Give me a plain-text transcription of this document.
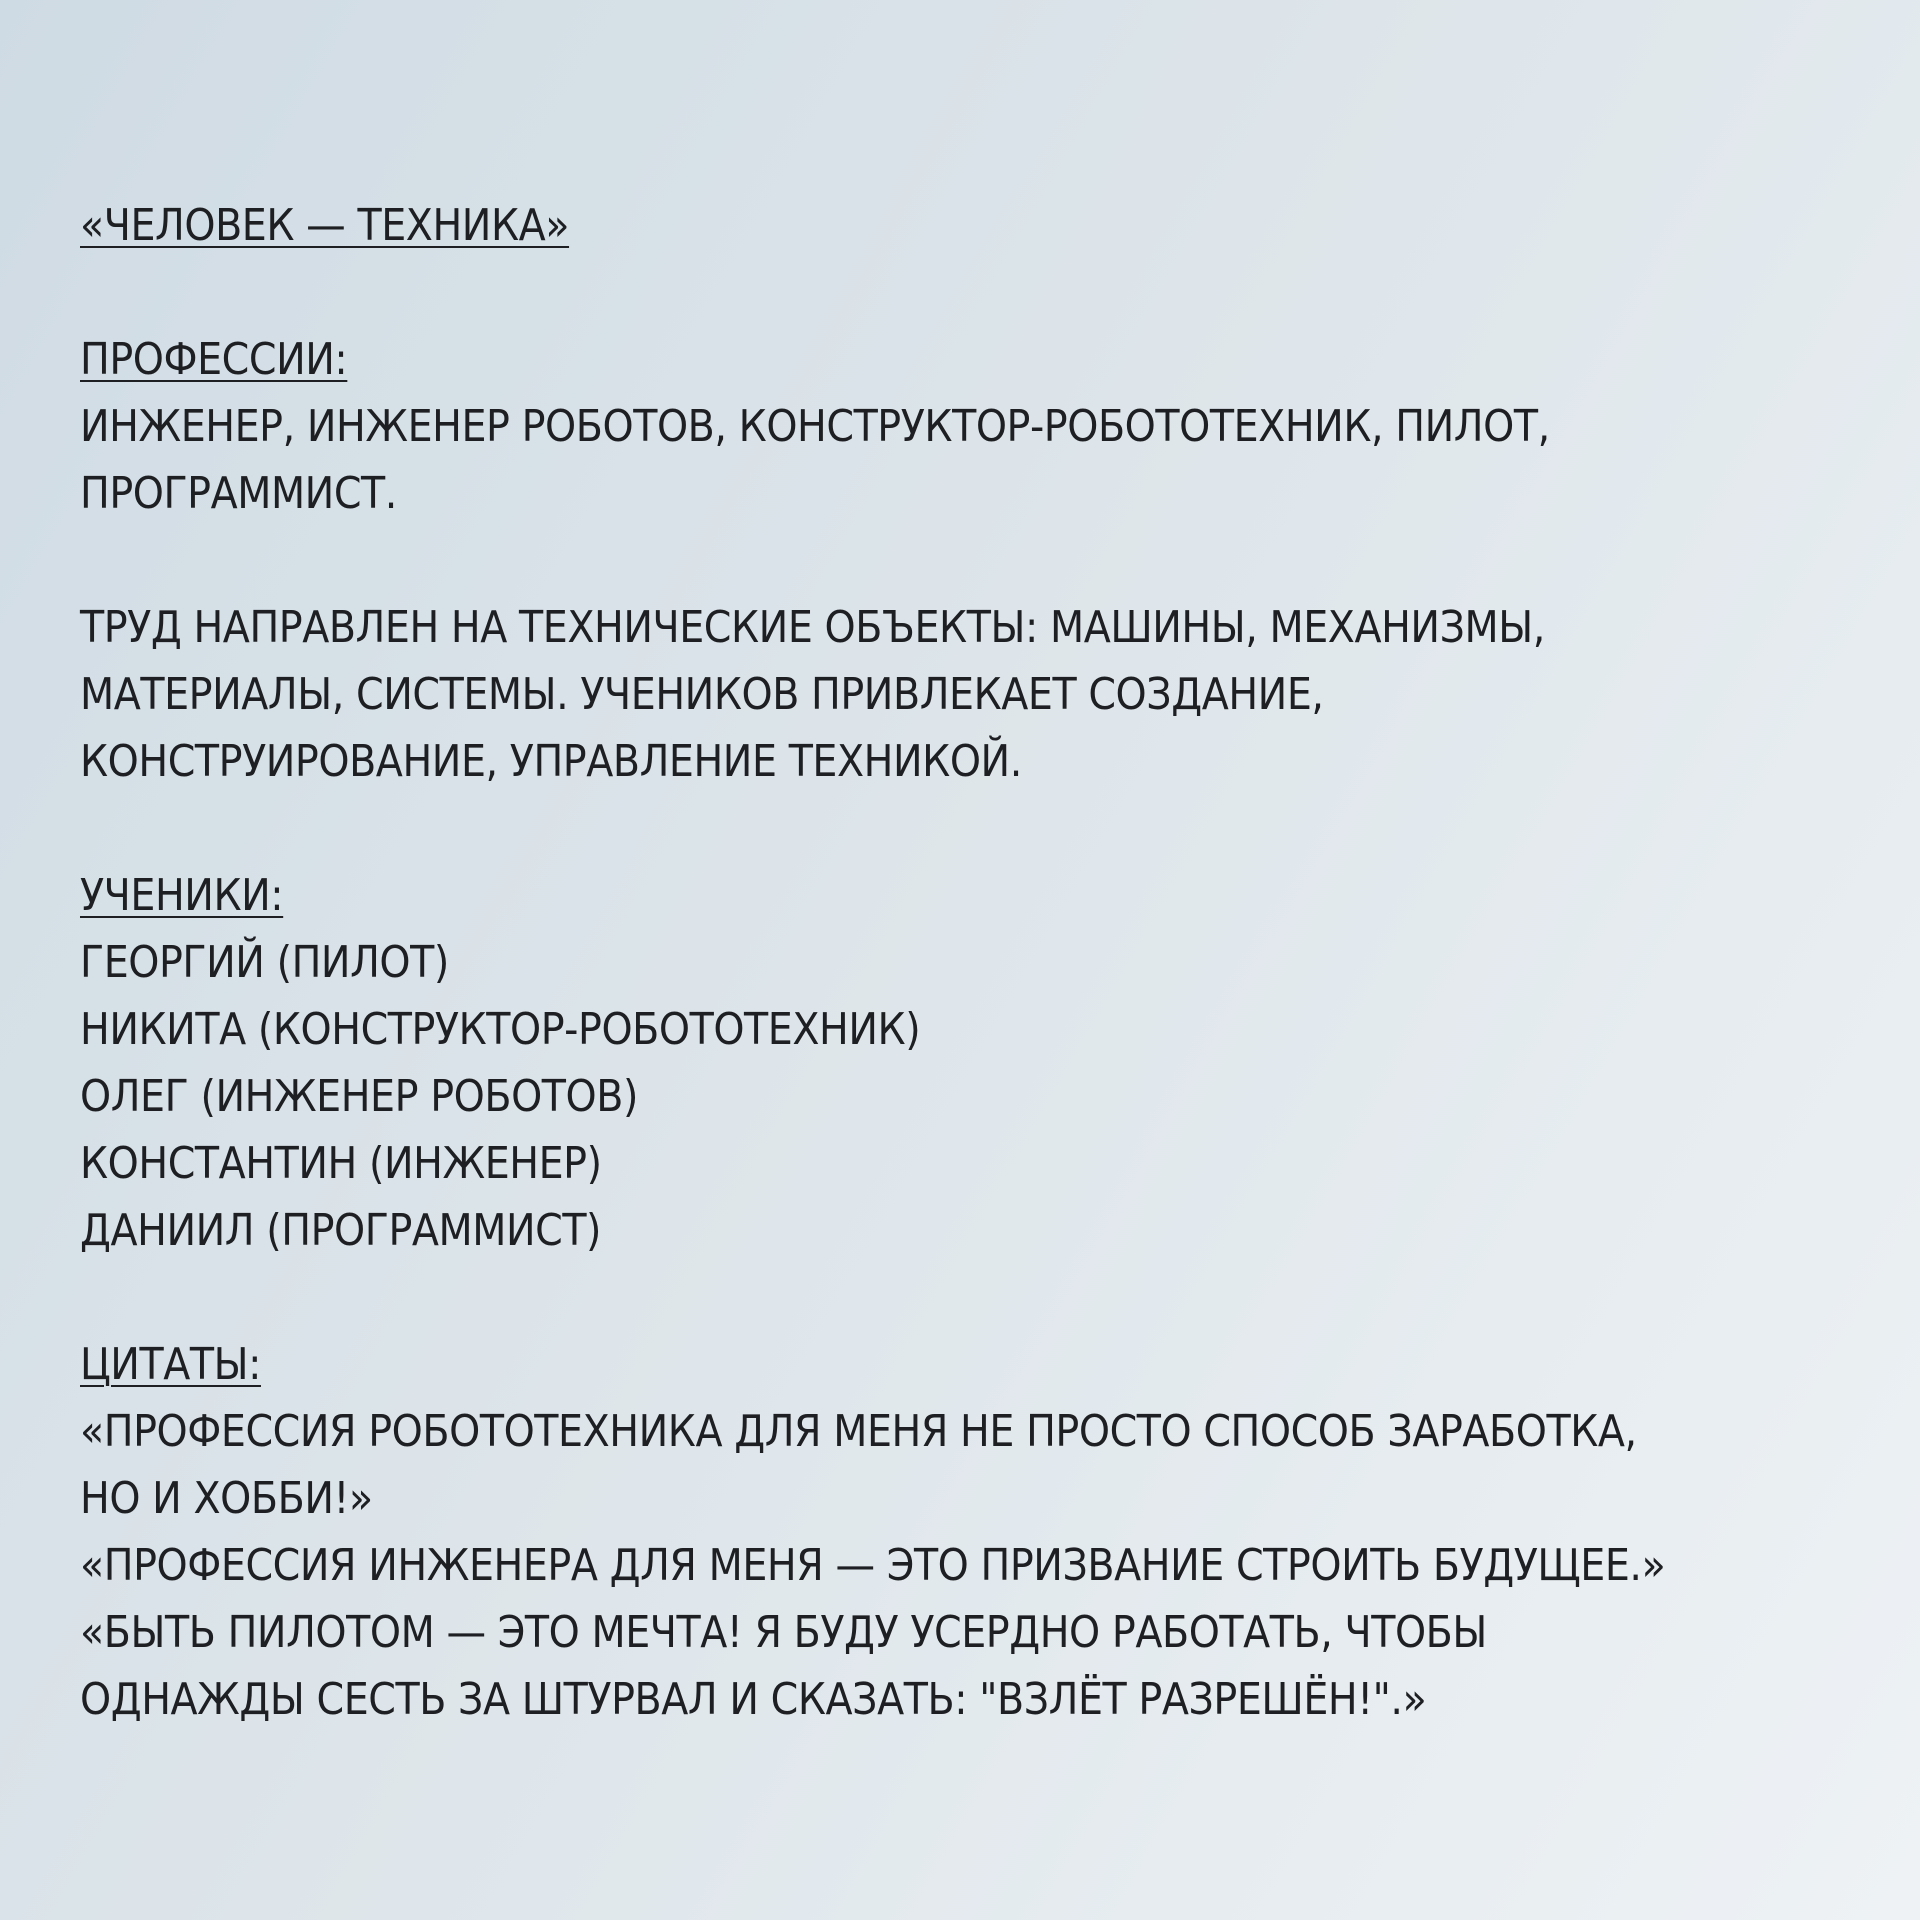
«ЧЕЛОВЕК — ТЕХНИКА»
ПРОФЕССИИ:
ИНЖЕНЕР, ИНЖЕНЕР РОБОТОВ, КОНСТРУКТОР-РОБОТОТЕХНИК, ПИЛОТ,
ПРОГРАММИСТ.
ТРУД НАПРАВЛЕН НА ТЕХНИЧЕСКИЕ ОБЪЕКТЫ: МАШИНЫ, МЕХАНИЗМЫ,
МАТЕРИАЛЫ, СИСТЕМЫ. УЧЕНИКОВ ПРИВЛЕКАЕТ СОЗДАНИЕ,
КОНСТРУИРОВАНИЕ, УПРАВЛЕНИЕ ТЕХНИКОЙ.
УЧЕНИКИ:
ГЕОРГИЙ (ПИЛОТ)
НИКИТА (КОНСТРУКТОР-РОБОТОТЕХНИК)
ОЛЕГ (ИНЖЕНЕР РОБОТОВ)
КОНСТАНТИН (ИНЖЕНЕР)
ДАНИИЛ (ПРОГРАММИСТ)
ЦИТАТЫ:
«ПРОФЕССИЯ РОБОТОТЕХНИКА ДЛЯ МЕНЯ НЕ ПРОСТО СПОСОБ ЗАРАБОТКА,
НО И ХОББИ!»
«ПРОФЕССИЯ ИНЖЕНЕРА ДЛЯ МЕНЯ — ЭТО ПРИЗВАНИЕ СТРОИТЬ БУДУЩЕЕ.»
«БЫТЬ ПИЛОТОМ — ЭТО МЕЧТА! Я БУДУ УСЕРДНО РАБОТАТЬ, ЧТОБЫ
ОДНАЖДЫ СЕСТЬ ЗА ШТУРВАЛ И СКАЗАТЬ: "ВЗЛЁТ РАЗРЕШЁН!".»
